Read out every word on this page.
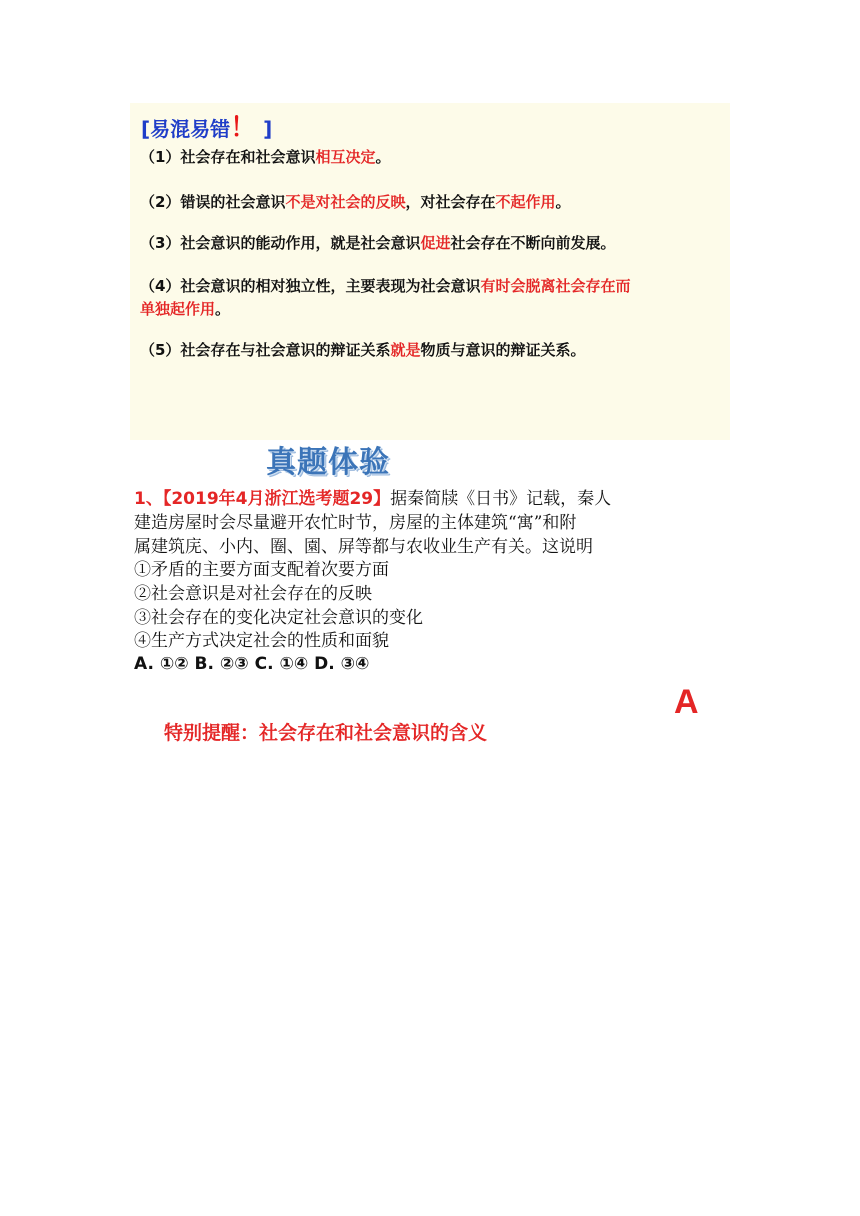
[易混易错！ ]
（1）社会存在和社会意识相互决定。
（2）错误的社会意识不是对社会的反映，对社会存在不起作用。
（3）社会意识的能动作用，就是社会意识促进社会存在不断向前发展。
（4）社会意识的相对独立性，主要表现为社会意识有时会脱离社会存在而
单独起作用。
（5）社会存在与社会意识的辩证关系就是物质与意识的辩证关系。
真题体验
1、【2019年4月浙江选考题29】据秦简牍《日书》记载，秦人
建造房屋时会尽量避开农忙时节，房屋的主体建筑“寓”和附
属建筑庑、小内、圈、園、屏等都与农收业生产有关。这说明
①矛盾的主要方面支配着次要方面
②社会意识是对社会存在的反映
③社会存在的变化决定社会意识的变化
④生产方式决定社会的性质和面貌
A. ①② B. ②③ C. ①④ D. ③④
A
特别提醒：社会存在和社会意识的含义
